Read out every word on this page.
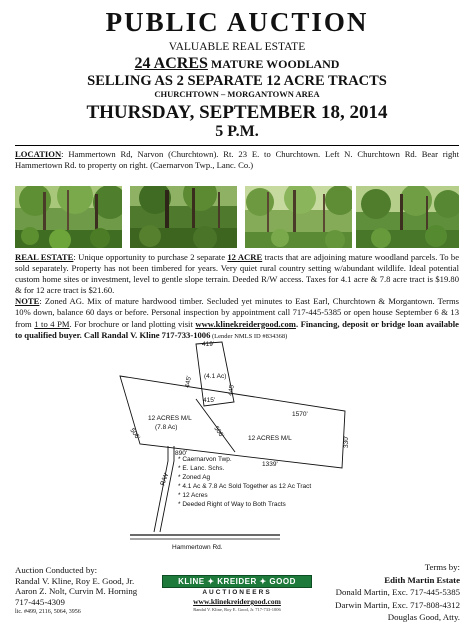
PUBLIC AUCTION
VALUABLE REAL ESTATE
24 ACRES MATURE WOODLAND
SELLING AS 2 SEPARATE 12 ACRE TRACTS
CHURCHTOWN – MORGANTOWN AREA
THURSDAY, SEPTEMBER 18, 2014
5 P.M.
LOCATION: Hammertown Rd, Narvon (Churchtown). Rt. 23 E. to Churchtown. Left N. Churchtown Rd. Bear right Hammertown Rd. to property on right. (Caernarvon Twp., Lanc. Co.)
REAL ESTATE: Unique opportunity to purchase 2 separate 12 ACRE tracts that are adjoining mature woodland parcels. To be sold separately. Property has not been timbered for years. Very quiet rural country setting w/abundant wildlife. Ideal potential custom home sites or investment, level to gentle slope terrain. Deeded R/W access. Taxes for 4.1 acre & 7.8 acre tract is $19.80 & for 12 acre tract is $21.60.
NOTE: Zoned AG. Mix of mature hardwood timber. Secluded yet minutes to East Earl, Churchtown & Morgantown. Terms 10% down, balance 60 days or before. Personal inspection by appointment call 717-445-5385 or open house September 6 & 13 from 1 to 4 PM. For brochure or land plotting visit www.klinekreidergood.com. Financing, deposit or bridge loan available to qualified buyer. Call Randal V. Kline 717-733-1006 (Lender NMLS ID #834368)
419'
445'
445'
415'
1570'
506'	506'
890'
1339'
330'
(4.1 Ac)
12 ACRES M/L
(7.8 Ac)
12 ACRES M/L
R/W
* Caernarvon Twp.
* E. Lanc. Schs.
* Zoned Ag
* 4.1 Ac & 7.8 Ac Sold Together as 12 Ac Tract
* 12 Acres
* Deeded Right of Way to Both Tracts
Hammertown Rd.
Auction Conducted by:
Randal V. Kline, Roy E. Good, Jr.
Aaron Z. Nolt, Curvin M. Horning
717-445-4309
lic. #499, 2116, 5064, 3956
KLINE ✦ KREIDER ✦ GOOD
AUCTIONEERS
www.klinekreidergood.com
Randal V. Kline, Roy E. Good, Jr. 717-733-1006
Terms by:
Edith Martin Estate
Donald Martin, Exc. 717-445-5385
Darwin Martin, Exc. 717-808-4312
Douglas Good, Atty.
